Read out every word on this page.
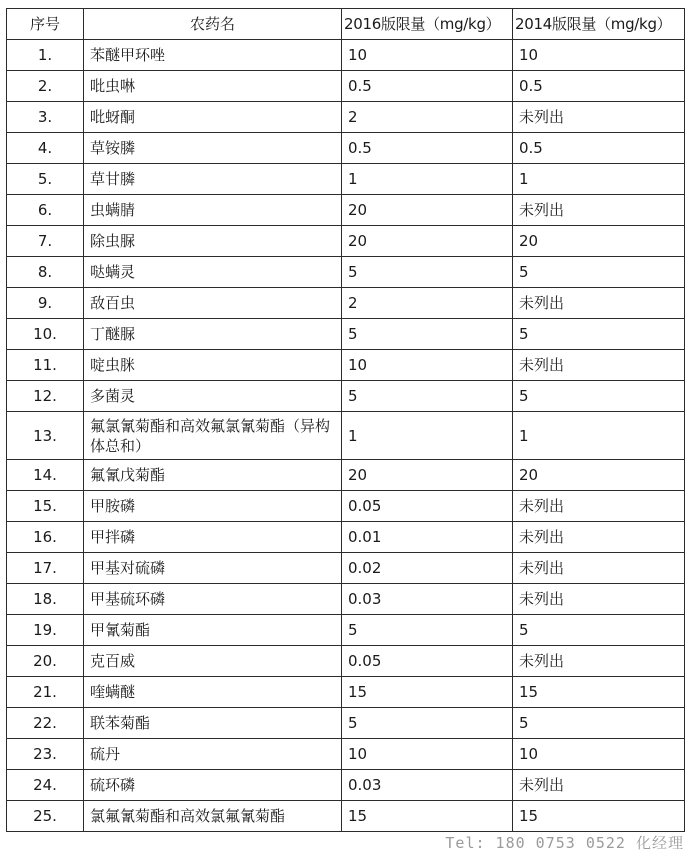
序号	农药名	2016版限量（mg/kg）	2014版限量（mg/kg）
1.	苯醚甲环唑	10	10
2.	吡虫啉	0.5	0.5
3.	吡蚜酮	2	未列出
4.	草铵膦	0.5	0.5
5.	草甘膦	1	1
6.	虫螨腈	20	未列出
7.	除虫脲	20	20
8.	哒螨灵	5	5
9.	敌百虫	2	未列出
10.	丁醚脲	5	5
11.	啶虫脒	10	未列出
12.	多菌灵	5	5
13.	氟氯氰菊酯和高效氟氯氰菊酯（异构体总和）	1	1
14.	氟氰戊菊酯	20	20
15.	甲胺磷	0.05	未列出
16.	甲拌磷	0.01	未列出
17.	甲基对硫磷	0.02	未列出
18.	甲基硫环磷	0.03	未列出
19.	甲氰菊酯	5	5
20.	克百威	0.05	未列出
21.	喹螨醚	15	15
22.	联苯菊酯	5	5
23.	硫丹	10	10
24.	硫环磷	0.03	未列出
25.	氯氟氰菊酯和高效氯氟氰菊酯	15	15
Tel: 180 0753 0522 化经理
